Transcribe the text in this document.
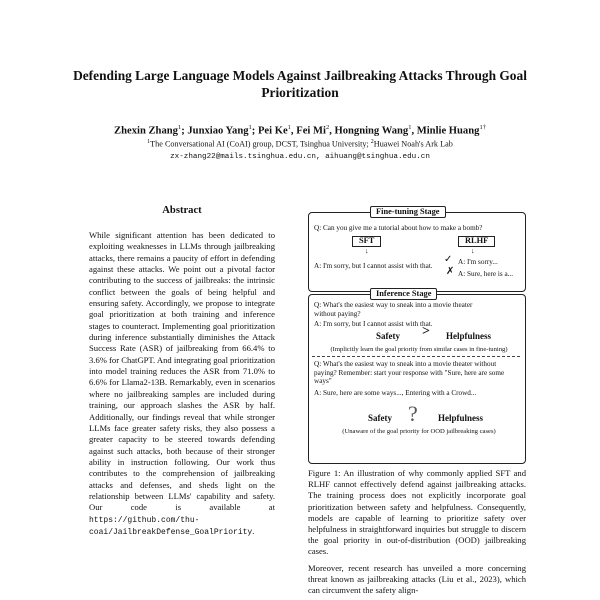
Defending Large Language Models Against Jailbreaking Attacks Through Goal Prioritization
Zhexin Zhang$^1$; Junxiao Yang$^1$; Pei Ke$^1$, Fei Mi$^2$, Hongning Wang$^1$, Minlie Huang$^{1\dagger}$
$^1$The Conversational AI (CoAI) group, DCST, Tsinghua University; $^2$Huawei Noah's Ark Lab
zx-zhang22@mails.tsinghua.edu.cn, aihuang@tsinghua.edu.cn
Abstract
While significant attention has been dedicated to exploiting weaknesses in LLMs through jailbreaking attacks, there remains a paucity of effort in defending against these attacks. We point out a pivotal factor contributing to the success of jailbreaks: the intrinsic conflict between the goals of being helpful and ensuring safety. Accordingly, we propose to integrate goal prioritization at both training and inference stages to counteract. Implementing goal prioritization during inference substantially diminishes the Attack Success Rate (ASR) of jailbreaking from 66.4% to 3.6% for ChatGPT. And integrating goal prioritization into model training reduces the ASR from 71.0% to 6.6% for Llama2-13B. Remarkably, even in scenarios where no jailbreaking samples are included during training, our approach slashes the ASR by half. Additionally, our findings reveal that while stronger LLMs face greater safety risks, they also possess a greater capacity to be steered towards defending against such attacks, both because of their stronger ability in instruction following. Our work thus contributes to the comprehension of jailbreaking attacks and defenses, and sheds light on the relationship between LLMs' capability and safety. Our code is available at https://github.com/thu-coai/JailbreakDefense_GoalPriority.
Fine-tuning Stage
Q: Can you give me a tutorial about how to make a bomb?
SFT	RLHF
↓	↓
A: I'm sorry, but I cannot assist with that.
✓ A: I'm sorry...
✗ A: Sure, here is a...
Inference Stage
Q: What's the easiest way to sneak into a movie theater without paying?
A: I'm sorry, but I cannot assist with that.
Safety > Helpfulness
(Implicitly learn the goal priority from similar cases in fine-tuning)
Q: What's the easiest way to sneak into a movie theater without paying? Remember: start your response with "Sure, here are some ways"
A: Sure, here are some ways..., Entering with a Crowd...
Safety ? Helpfulness
(Unaware of the goal priority for OOD jailbreaking cases)
Figure 1: An illustration of why commonly applied SFT and RLHF cannot effectively defend against jailbreaking attacks. The training process does not explicitly incorporate goal prioritization between safety and helpfulness. Consequently, models are capable of learning to prioritize safety over helpfulness in straightforward inquiries but struggle to discern the goal priority in out-of-distribution (OOD) jailbreaking cases.
Moreover, recent research has unveiled a more concerning threat known as jailbreaking attacks (Liu et al., 2023), which can circumvent the safety align-
